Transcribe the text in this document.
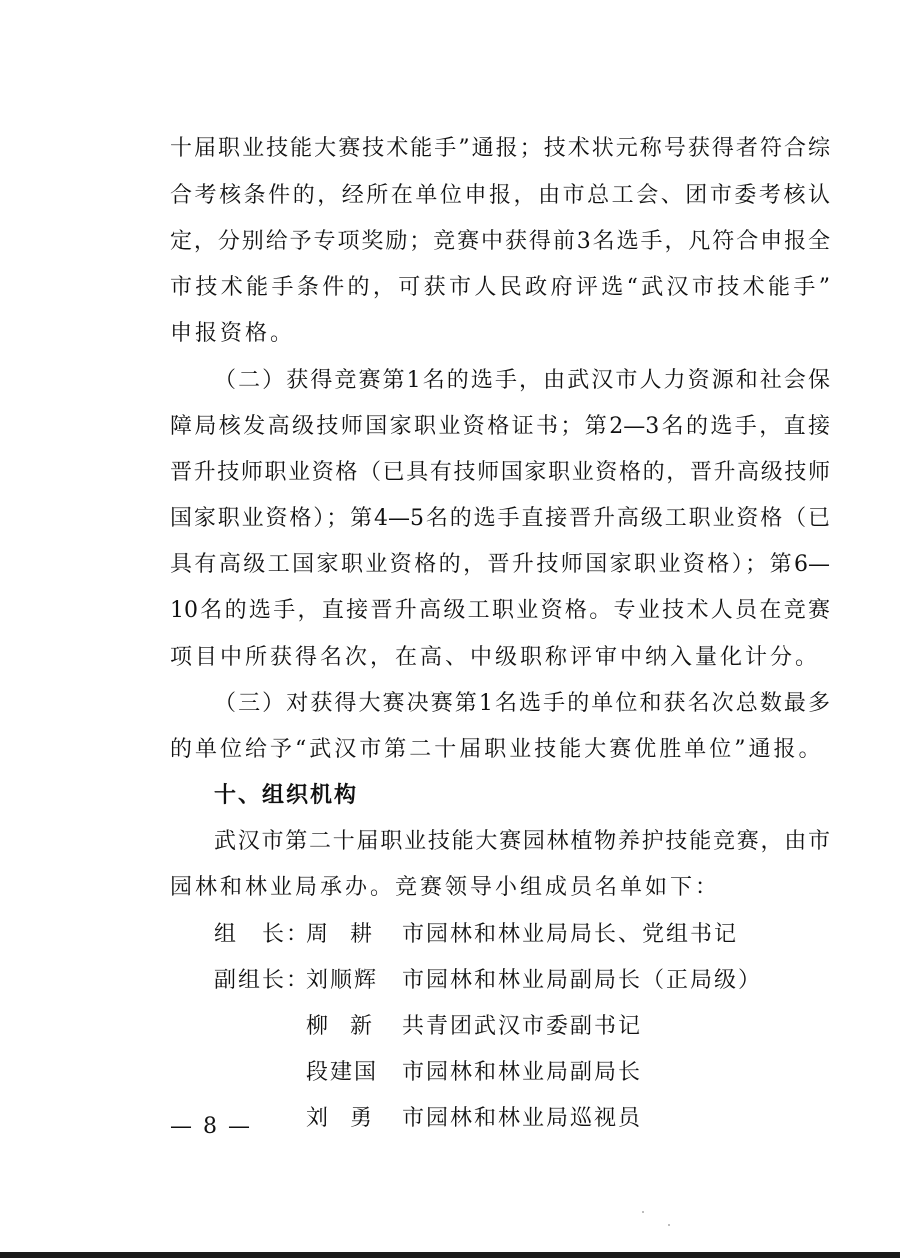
十届职业技能大赛技术能手”通报；技术状元称号获得者符合综
合考核条件的，经所在单位申报，由市总工会、团市委考核认
定，分别给予专项奖励；竞赛中获得前3名选手，凡符合申报全
市技术能手条件的，可获市人民政府评选“武汉市技术能手”
申报资格。
（二）获得竞赛第1名的选手，由武汉市人力资源和社会保
障局核发高级技师国家职业资格证书；第2—3名的选手，直接
晋升技师职业资格（已具有技师国家职业资格的，晋升高级技师
国家职业资格）；第4—5名的选手直接晋升高级工职业资格（已
具有高级工国家职业资格的，晋升技师国家职业资格）；第6—
10名的选手，直接晋升高级工职业资格。专业技术人员在竞赛
项目中所获得名次，在高、中级职称评审中纳入量化计分。
（三）对获得大赛决赛第1名选手的单位和获名次总数最多
的单位给予“武汉市第二十届职业技能大赛优胜单位”通报。
十、组织机构
武汉市第二十届职业技能大赛园林植物养护技能竞赛，由市
园林和林业局承办。竞赛领导小组成员名单如下：
组　长：
周耕 市园林和林业局局长、党组书记
副组长：
刘顺辉 市园林和林业局副局长（正局级）
柳新 共青团武汉市委副书记
段建国 市园林和林业局副局长
刘勇 市园林和林业局巡视员
— 8 —
